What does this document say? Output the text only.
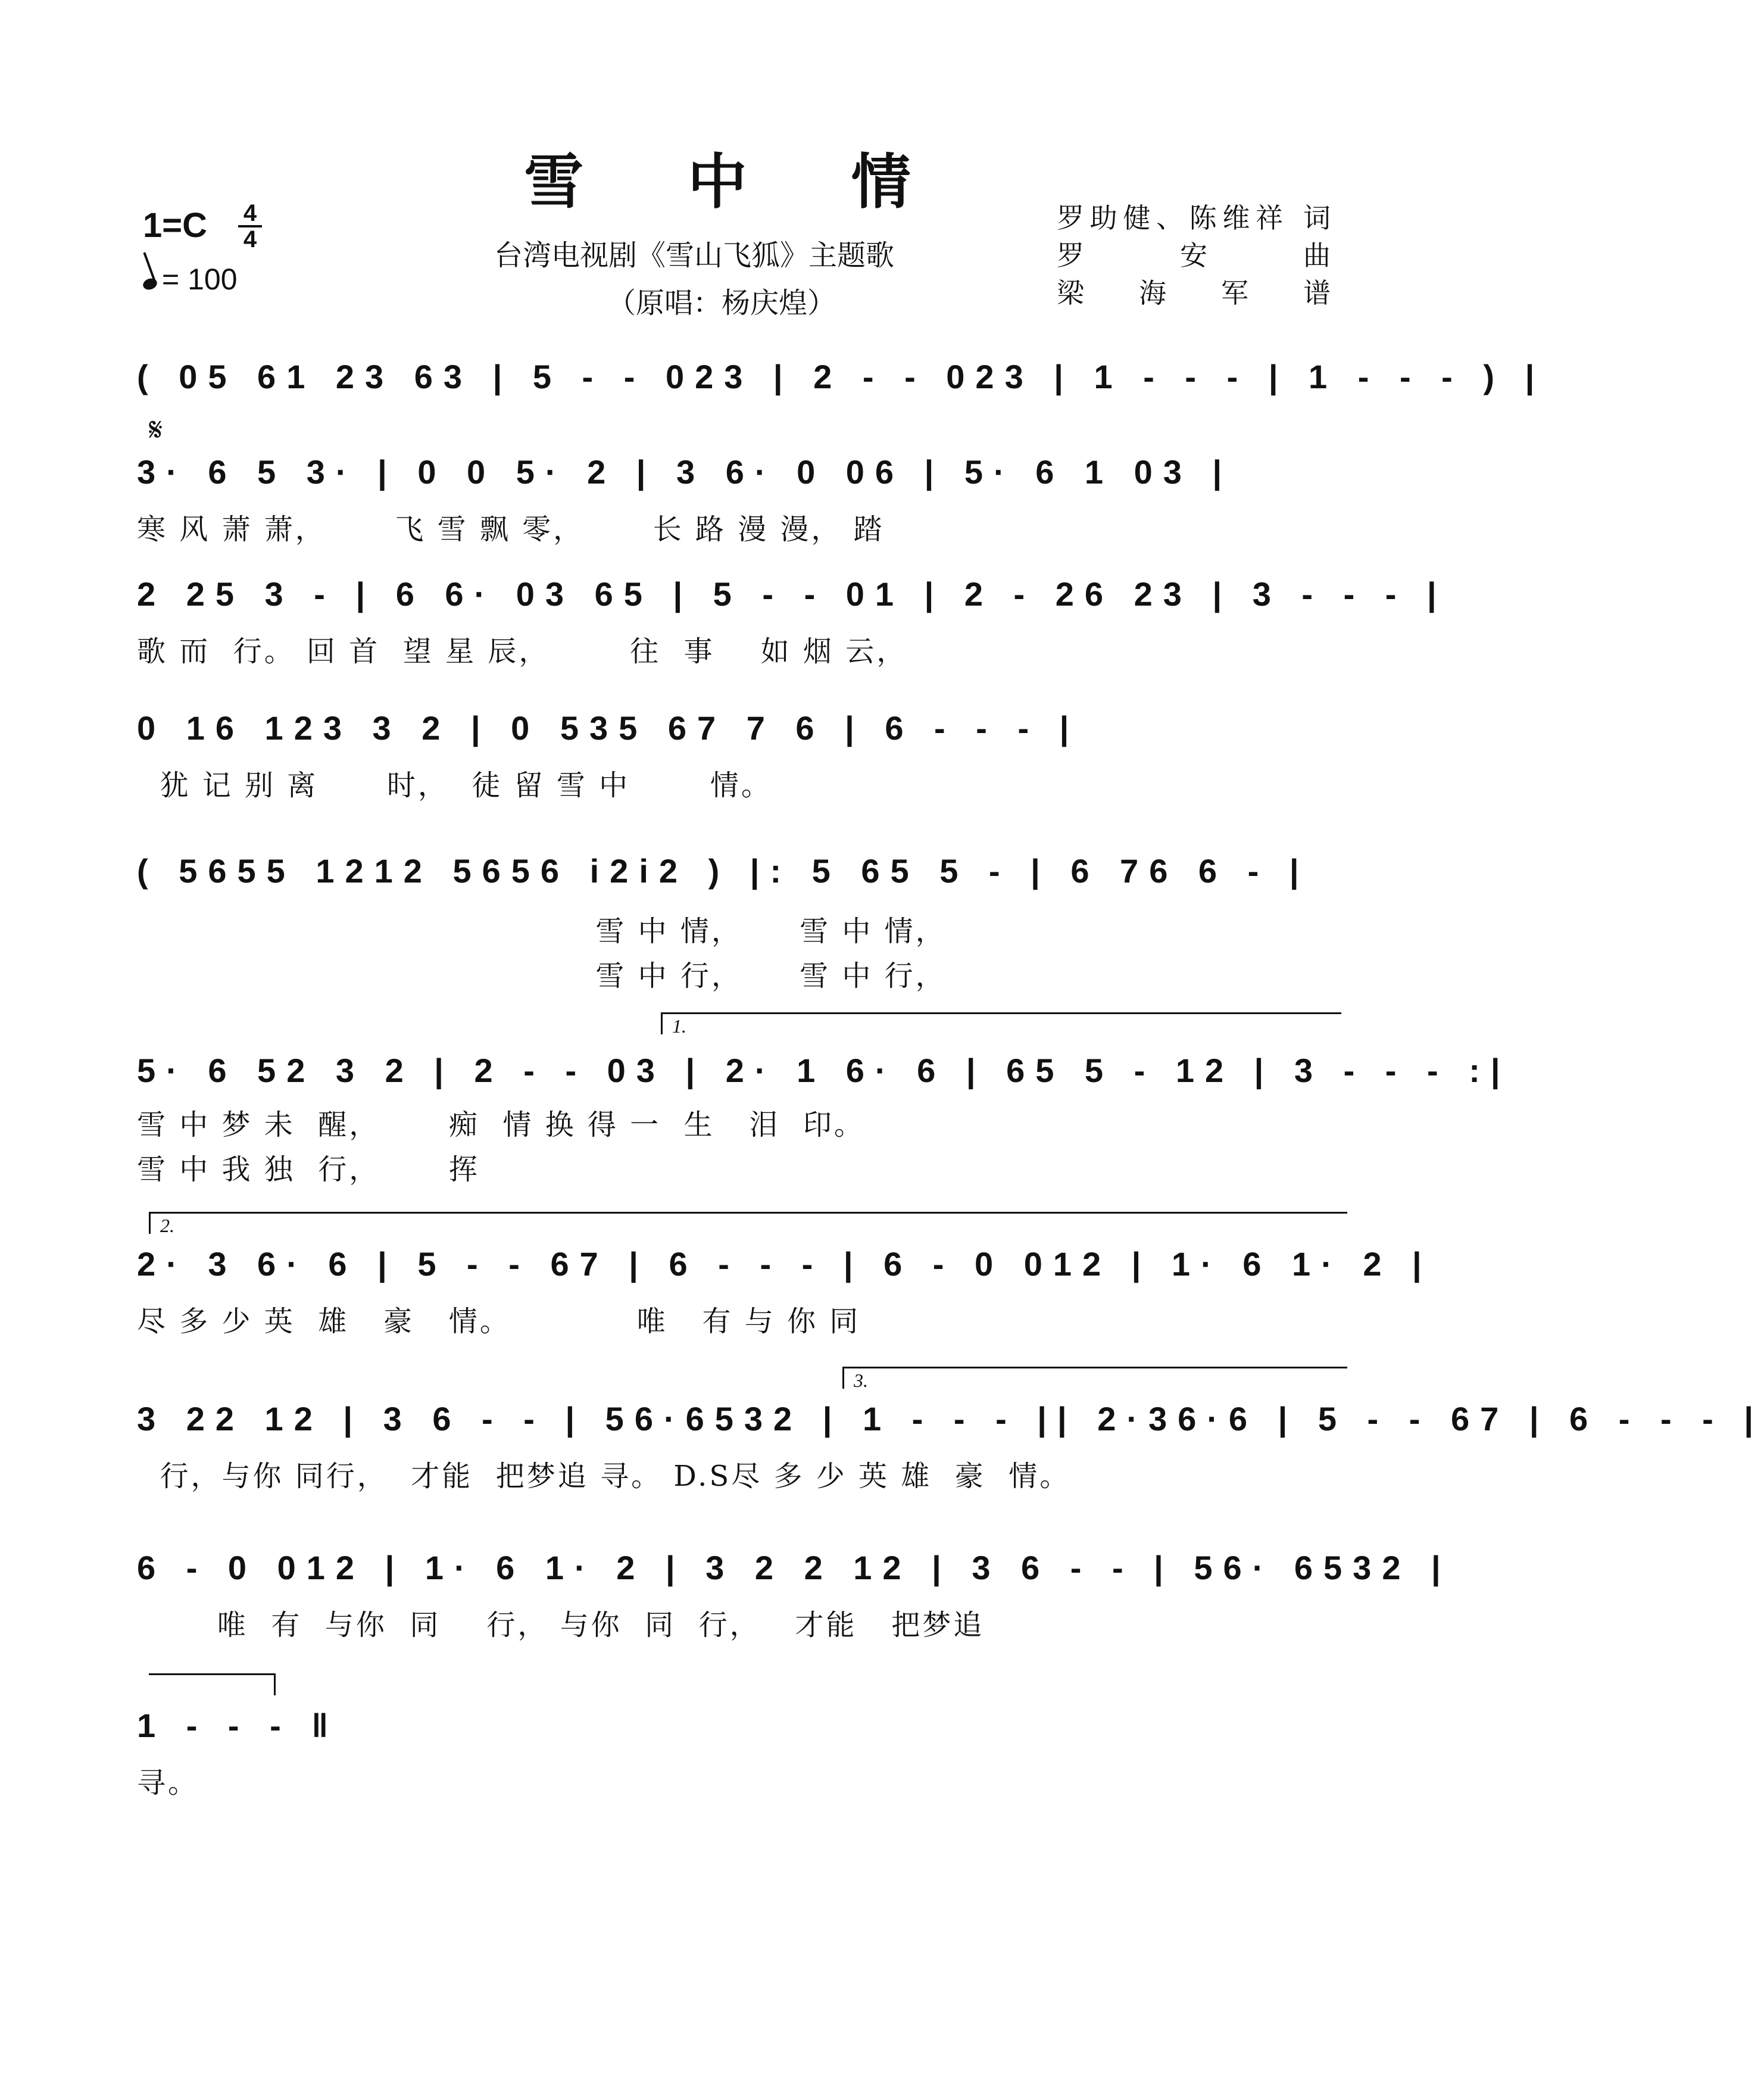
雪 中 情
1=C 4
4
= 100
台湾电视剧《雪山飞狐》主题歌
（原唱：杨庆煌）
罗助健、陈维祥 词
罗 安 曲
梁 海 军 谱
𝄋
( 05 61 23 63 | 5 - - 023 | 2 - - 023 | 1 - - - | 1 - - - ) |
3· 6 5 3· | 0 0 5· 2 | 3 6· 0 06 | 5· 6 1 03 |
寒 风 萧 萧，      飞 雪 飘 零，      长 路 漫 漫， 踏
2 25 3 - | 6 6· 03 65 | 5 - - 01 | 2 - 26 23 | 3 - - - |
歌 而  行。 回 首  望 星 辰，       往  事    如 烟 云，
0 16 123 3 2 | 0 535 67 7 6 | 6 - - - |
犹 记 别 离      时，  徒 留 雪 中       情。
( 5655 1212 5656 i2i2 ) |: 5 65 5 - | 6 76 6 - |
雪 中 情，     雪 中 情，
雪 中 行，     雪 中 行，
1.
5· 6 52 3 2 | 2 - - 03 | 2· 1 6· 6 | 65 5 - 12 | 3 - - - :|
雪 中 梦 未  醒，      痴  情 换 得 一  生   泪  印。
雪 中 我 独  行，      挥
2.
2· 3 6· 6 | 5 - - 67 | 6 - - - | 6 - 0 012 | 1· 6 1· 2 |
尽 多 少 英  雄   豪   情。           唯   有 与 你 同
3.
3 22 12 | 3 6 - - | 56·6532 | 1 - - - || 2·36·6 | 5 - - 67 | 6 - - - |
行，与你 同行，  才能  把梦追 寻。 D.S尽 多 少 英 雄  豪  情。
6 - 0 012 | 1· 6 1· 2 | 3 2 2 12 | 3 6 - - | 56· 6532 |
唯  有  与你  同    行， 与你  同  行，   才能   把梦追
1 - - - ‖
寻。
